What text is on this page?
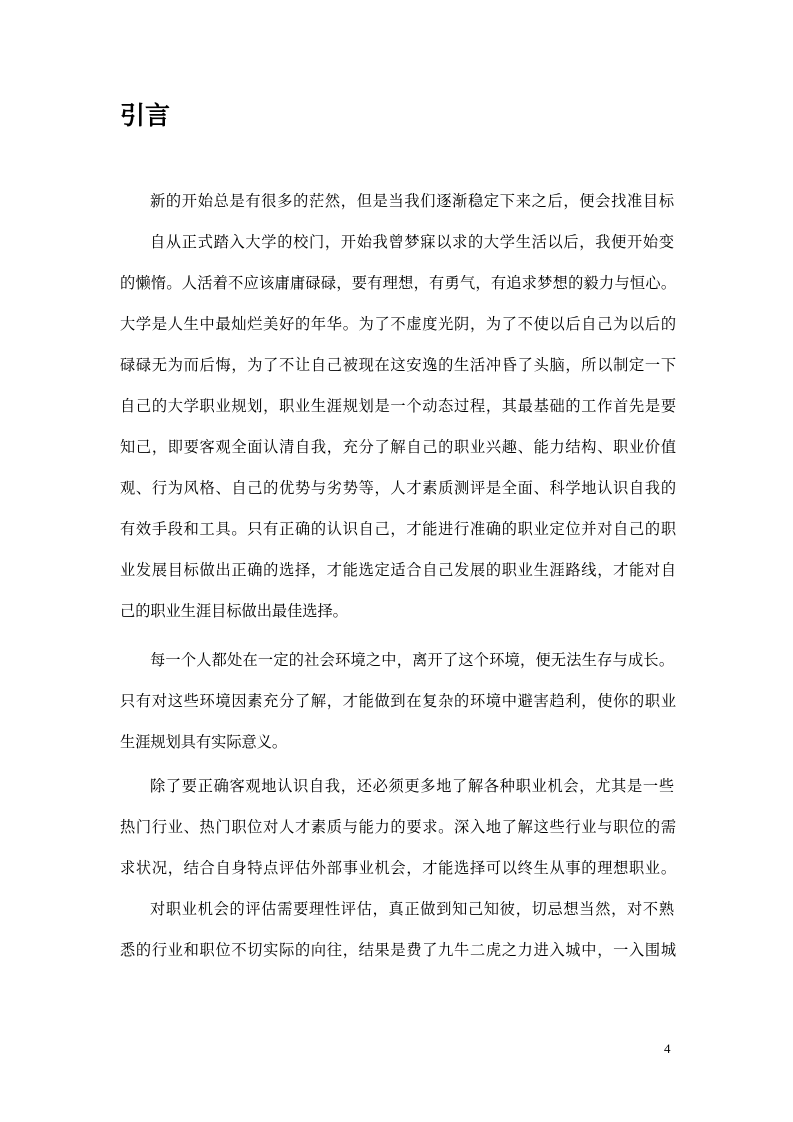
引言

新的开始总是有很多的茫然，但是当我们逐渐稳定下来之后，便会找准目标

自从正式踏入大学的校门，开始我曾梦寐以求的大学生活以后，我便开始变

的懒惰。人活着不应该庸庸碌碌，要有理想，有勇气，有追求梦想的毅力与恒心。

大学是人生中最灿烂美好的年华。为了不虚度光阴，为了不使以后自己为以后的

碌碌无为而后悔，为了不让自己被现在这安逸的生活冲昏了头脑，所以制定一下

自己的大学职业规划，职业生涯规划是一个动态过程，其最基础的工作首先是要

知己，即要客观全面认清自我，充分了解自己的职业兴趣、能力结构、职业价值

观、行为风格、自己的优势与劣势等，人才素质测评是全面、科学地认识自我的

有效手段和工具。只有正确的认识自己，才能进行准确的职业定位并对自己的职

业发展目标做出正确的选择，才能选定适合自己发展的职业生涯路线，才能对自

己的职业生涯目标做出最佳选择。

每一个人都处在一定的社会环境之中，离开了这个环境，便无法生存与成长。

只有对这些环境因素充分了解，才能做到在复杂的环境中避害趋利，使你的职业

生涯规划具有实际意义。

除了要正确客观地认识自我，还必须更多地了解各种职业机会，尤其是一些

热门行业、热门职位对人才素质与能力的要求。深入地了解这些行业与职位的需

求状况，结合自身特点评估外部事业机会，才能选择可以终生从事的理想职业。

对职业机会的评估需要理性评估，真正做到知己知彼，切忌想当然，对不熟

悉的行业和职位不切实际的向往，结果是费了九牛二虎之力进入城中，一入围城

4
